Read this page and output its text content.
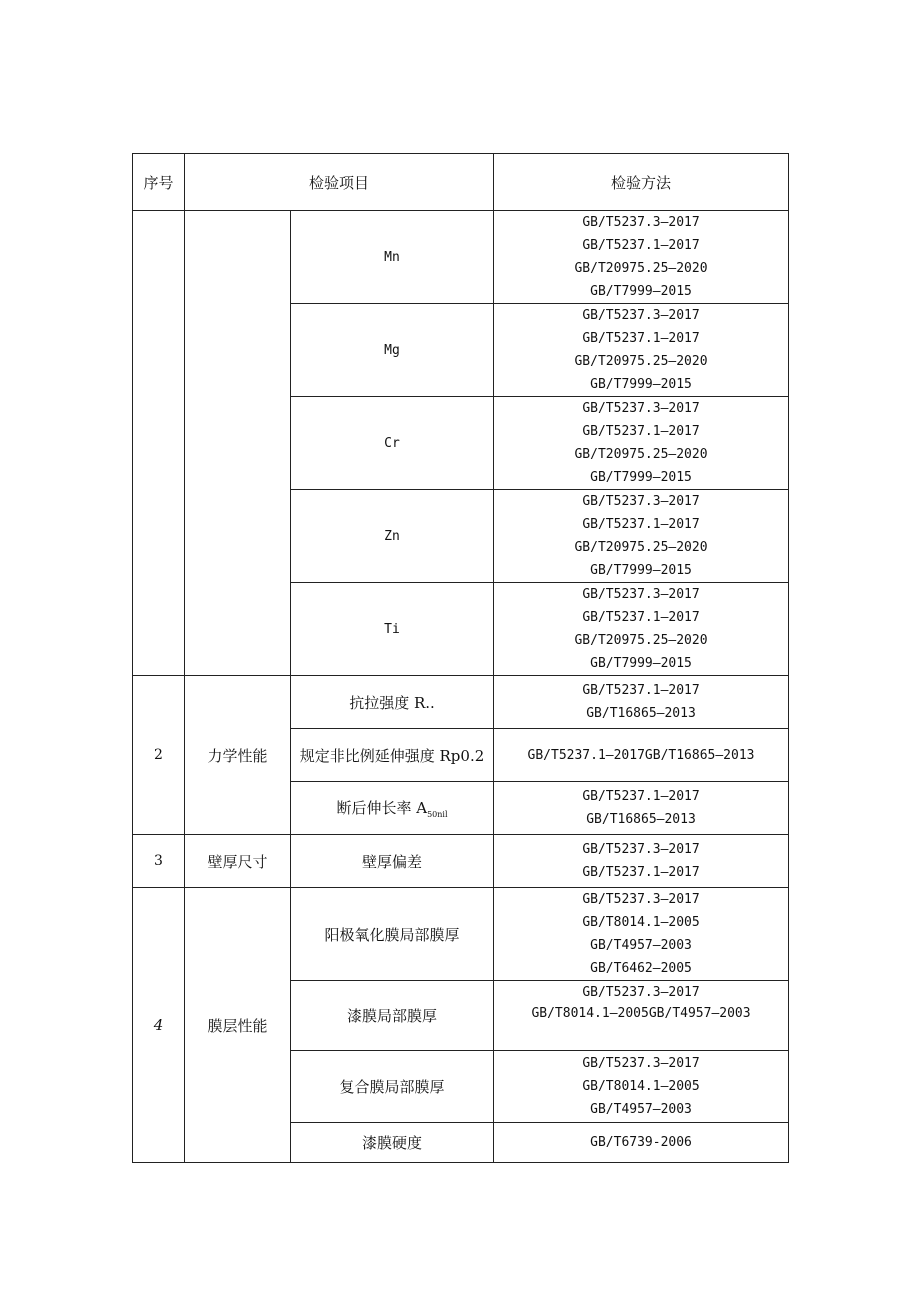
序号	检验项目		检验方法
		Mn	GB/T5237.3—2017
GB/T5237.1—2017
GB/T20975.25—2020
GB/T7999—2015

		Mg	GB/T5237.3—2017
GB/T5237.1—2017
GB/T20975.25—2020
GB/T7999—2015

		Cr	GB/T5237.3—2017
GB/T5237.1—2017
GB/T20975.25—2020
GB/T7999—2015

		Zn	GB/T5237.3—2017
GB/T5237.1—2017
GB/T20975.25—2020
GB/T7999—2015

		Ti	GB/T5237.3—2017
GB/T5237.1—2017
GB/T20975.25—2020
GB/T7999—2015

2	力学性能	抗拉强度 R..	GB/T5237.1—2017
GB/T16865—2013

		规定非比例延伸强度 Rp0.2	GB/T5237.1—2017GB/T16865—2013

		断后伸长率 $A_{50nil}$	GB/T5237.1—2017
GB/T16865—2013

3	壁厚尺寸	壁厚偏差	GB/T5237.3—2017
GB/T5237.1—2017

4	膜层性能	阳极氧化膜局部膜厚	GB/T5237.3—2017
GB/T8014.1—2005
GB/T4957—2003
GB/T6462—2005

		漆膜局部膜厚	GB/T5237.3—2017
GB/T8014.1—2005GB/T4957—2003

		复合膜局部膜厚	GB/T5237.3—2017
GB/T8014.1—2005
GB/T4957—2003

		漆膜硬度	GB/T6739-2006
